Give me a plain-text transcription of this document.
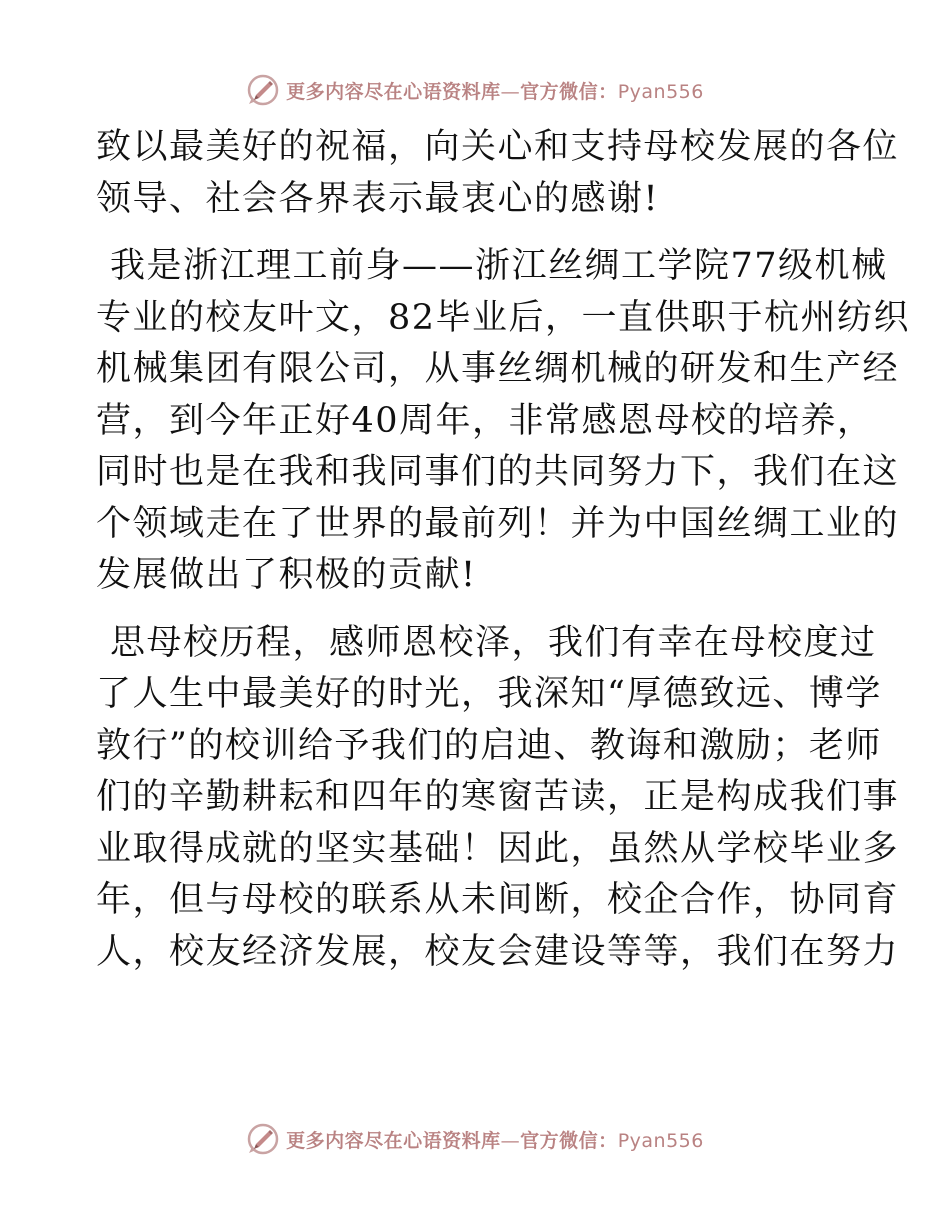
更多内容尽在心语资料库—官方微信：Pyan556
致以最美好的祝福，向关心和支持母校发展的各位
领导、社会各界表示最衷心的感谢!
我是浙江理工前身——浙江丝绸工学院77级机械
专业的校友叶文，82毕业后，一直供职于杭州纺织
机械集团有限公司，从事丝绸机械的研发和生产经
营，到今年正好40周年，非常感恩母校的培养，
同时也是在我和我同事们的共同努力下，我们在这
个领域走在了世界的最前列！并为中国丝绸工业的
发展做出了积极的贡献!
思母校历程，感师恩校泽，我们有幸在母校度过
了人生中最美好的时光，我深知“厚德致远、博学
敦行”的校训给予我们的启迪、教诲和激励；老师
们的辛勤耕耘和四年的寒窗苦读，正是构成我们事
业取得成就的坚实基础！因此，虽然从学校毕业多
年，但与母校的联系从未间断，校企合作，协同育
人，校友经济发展，校友会建设等等，我们在努力
更多内容尽在心语资料库—官方微信：Pyan556
